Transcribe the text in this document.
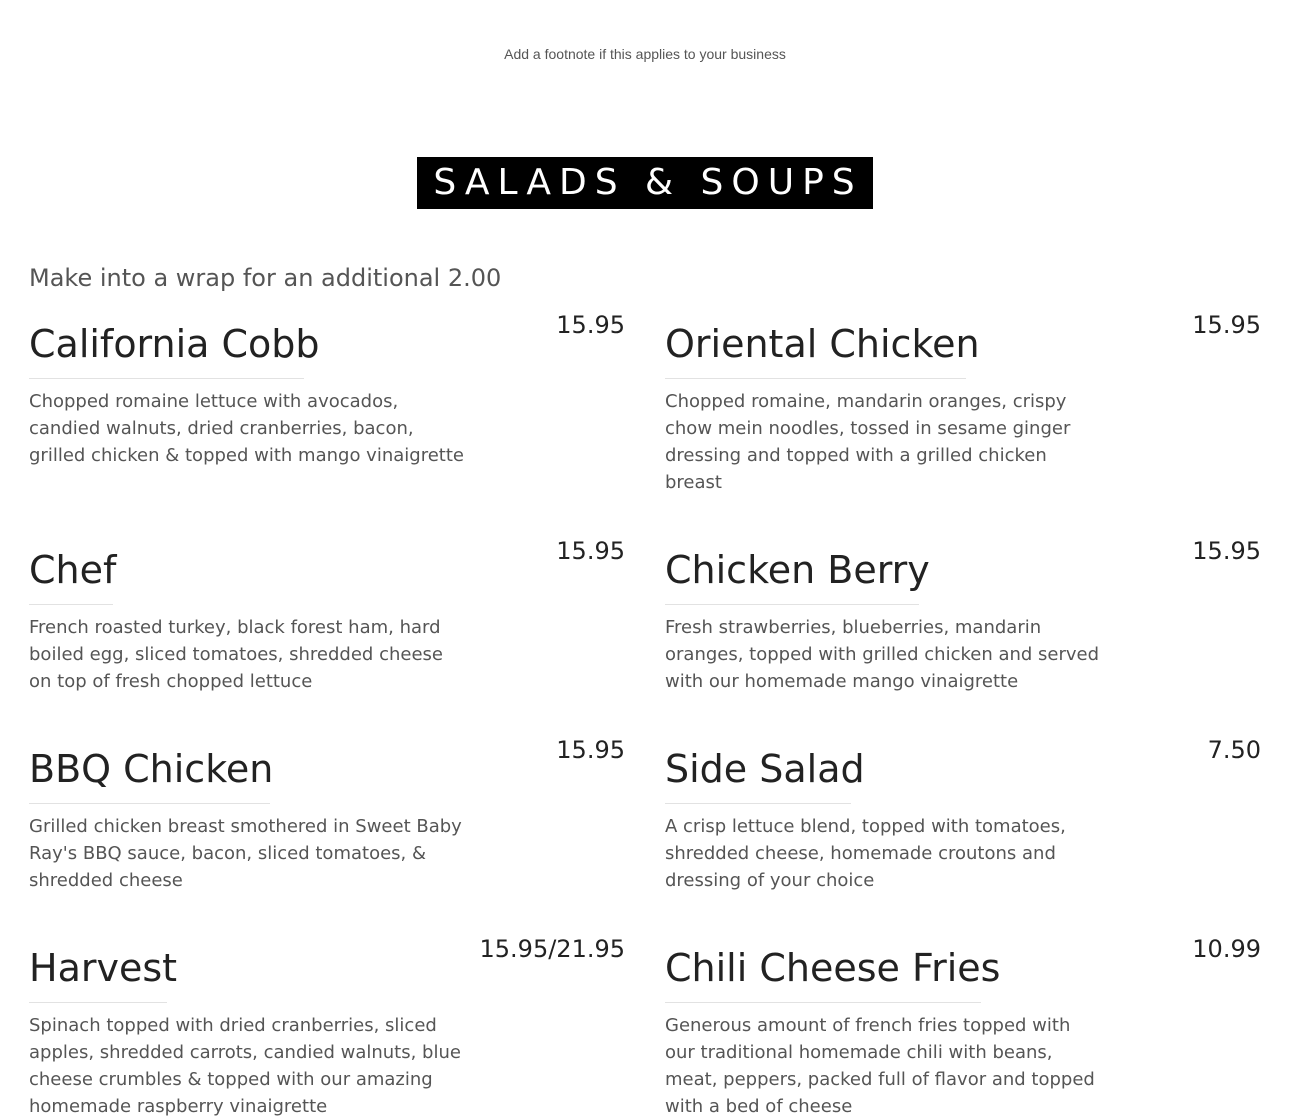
Add a footnote if this applies to your business
SALADS & SOUPS
Make into a wrap for an additional 2.00
California Cobb	15.95
Chopped romaine lettuce with avocados, candied walnuts, dried cranberries, bacon, grilled chicken & topped with mango vinaigrette
Oriental Chicken	15.95
Chopped romaine, mandarin oranges, crispy chow mein noodles, tossed in sesame ginger dressing and topped with a grilled chicken breast
Chef	15.95
French roasted turkey, black forest ham, hard boiled egg, sliced tomatoes, shredded cheese on top of fresh chopped lettuce
Chicken Berry	15.95
Fresh strawberries, blueberries, mandarin oranges, topped with grilled chicken and served with our homemade mango vinaigrette
BBQ Chicken	15.95
Grilled chicken breast smothered in Sweet Baby Ray's BBQ sauce, bacon, sliced tomatoes, & shredded cheese
Side Salad	7.50
A crisp lettuce blend, topped with tomatoes, shredded cheese, homemade croutons and dressing of your choice
Harvest	15.95/21.95
Spinach topped with dried cranberries, sliced apples, shredded carrots, candied walnuts, blue cheese crumbles & topped with our amazing homemade raspberry vinaigrette
Chili Cheese Fries	10.99
Generous amount of french fries topped with our traditional homemade chili with beans, meat, peppers, packed full of flavor and topped with a bed of cheese
